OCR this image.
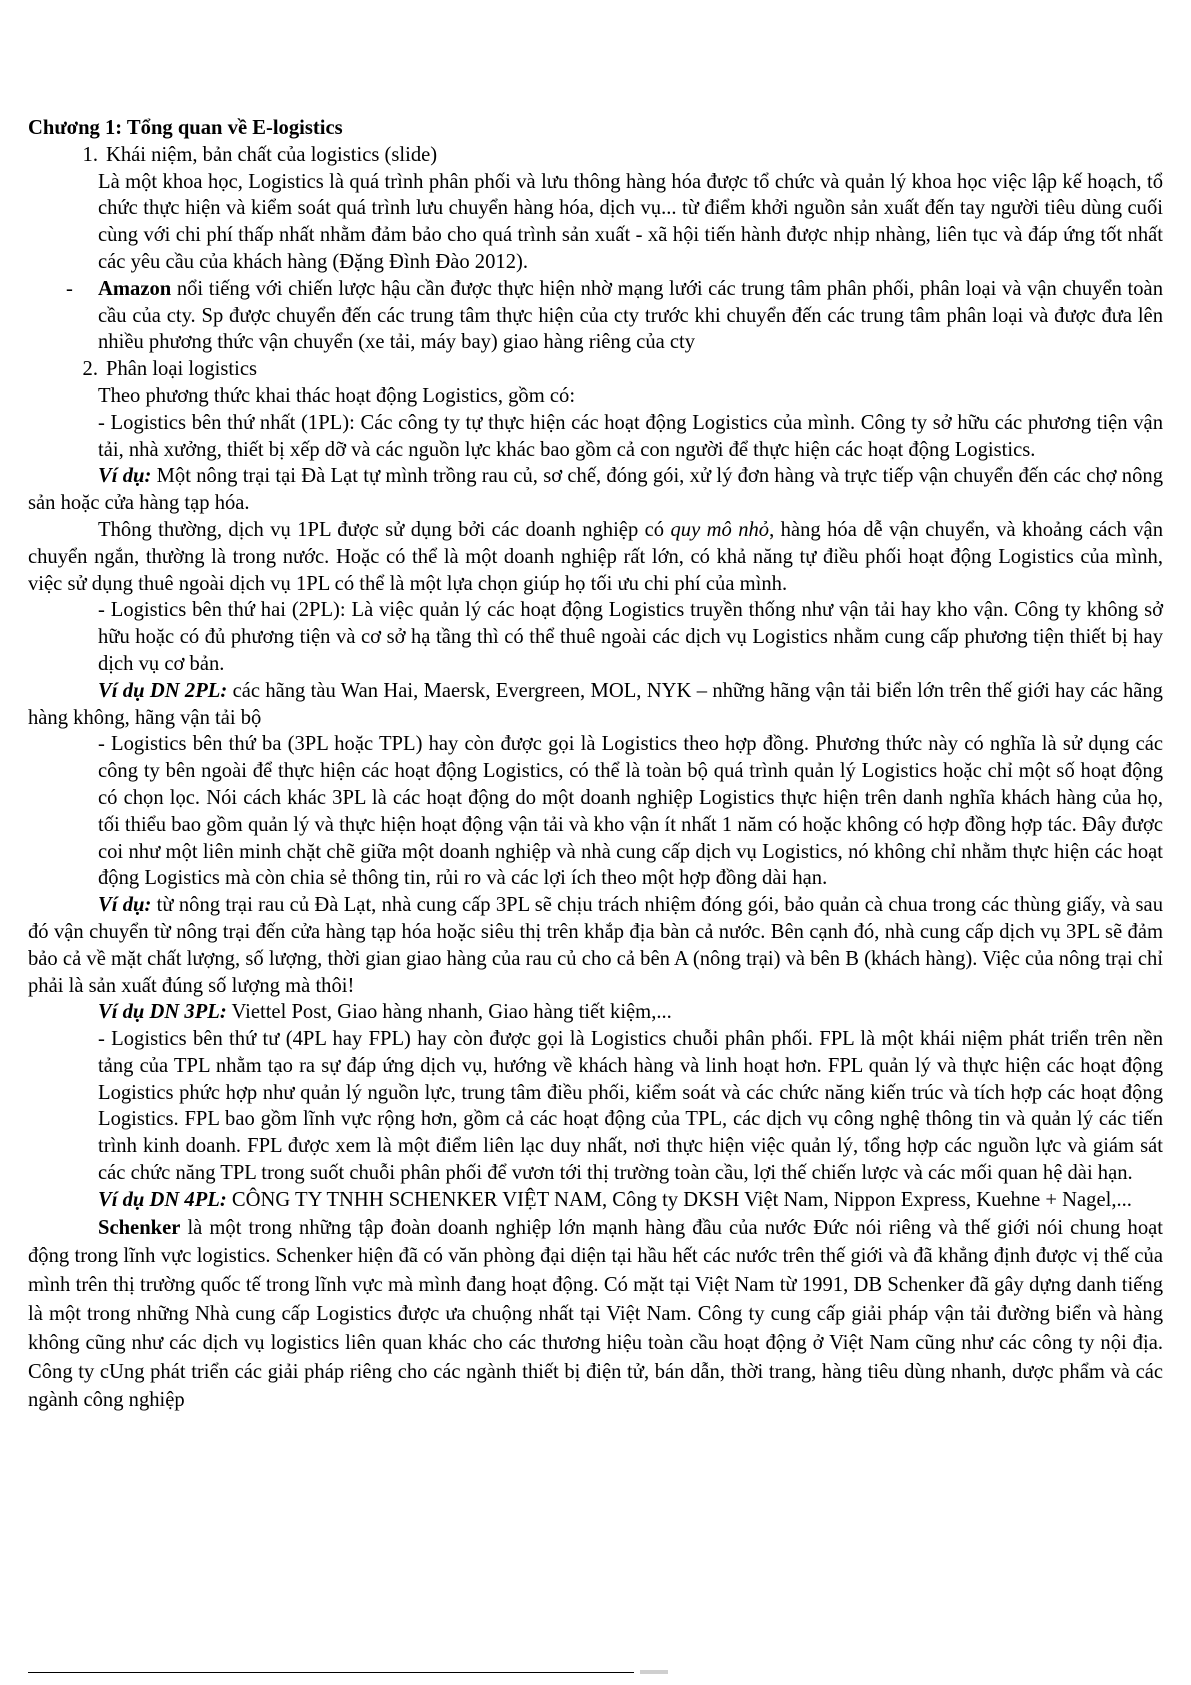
Chương 1: Tổng quan về E-logistics

1. Khái niệm, bản chất của logistics (slide)

Là một khoa học, Logistics là quá trình phân phối và lưu thông hàng hóa được tổ chức và quản lý khoa học việc lập kế hoạch, tổ chức thực hiện và kiểm soát quá trình lưu chuyển hàng hóa, dịch vụ... từ điểm khởi nguồn sản xuất đến tay người tiêu dùng cuối cùng với chi phí thấp nhất nhằm đảm bảo cho quá trình sản xuất - xã hội tiến hành được nhịp nhàng, liên tục và đáp ứng tốt nhất các yêu cầu của khách hàng (Đặng Đình Đào 2012).

-	Amazon nổi tiếng với chiến lược hậu cần được thực hiện nhờ mạng lưới các trung tâm phân phối, phân loại và vận chuyển toàn cầu của cty. Sp được chuyển đến các trung tâm thực hiện của cty trước khi chuyển đến các trung tâm phân loại và được đưa lên nhiều phương thức vận chuyển (xe tải, máy bay) giao hàng riêng của cty
2. Phân loại logistics

Theo phương thức khai thác hoạt động Logistics, gồm có:

- Logistics bên thứ nhất (1PL): Các công ty tự thực hiện các hoạt động Logistics của mình. Công ty sở hữu các phương tiện vận tải, nhà xưởng, thiết bị xếp dỡ và các nguồn lực khác bao gồm cả con người để thực hiện các hoạt động Logistics.

Ví dụ: Một nông trại tại Đà Lạt tự mình trồng rau củ, sơ chế, đóng gói, xử lý đơn hàng và trực tiếp vận chuyển đến các chợ nông sản hoặc cửa hàng tạp hóa.

Thông thường, dịch vụ 1PL được sử dụng bởi các doanh nghiệp có quy mô nhỏ, hàng hóa dễ vận chuyển, và khoảng cách vận chuyển ngắn, thường là trong nước. Hoặc có thể là một doanh nghiệp rất lớn, có khả năng tự điều phối hoạt động Logistics của mình, việc sử dụng thuê ngoài dịch vụ 1PL có thể là một lựa chọn giúp họ tối ưu chi phí của mình.

- Logistics bên thứ hai (2PL): Là việc quản lý các hoạt động Logistics truyền thống như vận tải hay kho vận. Công ty không sở hữu hoặc có đủ phương tiện và cơ sở hạ tầng thì có thể thuê ngoài các dịch vụ Logistics nhằm cung cấp phương tiện thiết bị hay dịch vụ cơ bản.

Ví dụ DN 2PL: các hãng tàu Wan Hai, Maersk, Evergreen, MOL, NYK – những hãng vận tải biển lớn trên thế giới hay các hãng hàng không, hãng vận tải bộ

- Logistics bên thứ ba (3PL hoặc TPL) hay còn được gọi là Logistics theo hợp đồng. Phương thức này có nghĩa là sử dụng các công ty bên ngoài để thực hiện các hoạt động Logistics, có thể là toàn bộ quá trình quản lý Logistics hoặc chỉ một số hoạt động có chọn lọc. Nói cách khác 3PL là các hoạt động do một doanh nghiệp Logistics thực hiện trên danh nghĩa khách hàng của họ, tối thiểu bao gồm quản lý và thực hiện hoạt động vận tải và kho vận ít nhất 1 năm có hoặc không có hợp đồng hợp tác. Đây được coi như một liên minh chặt chẽ giữa một doanh nghiệp và nhà cung cấp dịch vụ Logistics, nó không chỉ nhằm thực hiện các hoạt động Logistics mà còn chia sẻ thông tin, rủi ro và các lợi ích theo một hợp đồng dài hạn.

Ví dụ: từ nông trại rau củ Đà Lạt, nhà cung cấp 3PL sẽ chịu trách nhiệm đóng gói, bảo quản cà chua trong các thùng giấy, và sau đó vận chuyển từ nông trại đến cửa hàng tạp hóa hoặc siêu thị trên khắp địa bàn cả nước. Bên cạnh đó, nhà cung cấp dịch vụ 3PL sẽ đảm bảo cả về mặt chất lượng, số lượng, thời gian giao hàng của rau củ cho cả bên A (nông trại) và bên B (khách hàng). Việc của nông trại chỉ phải là sản xuất đúng số lượng mà thôi!

Ví dụ DN 3PL: Viettel Post, Giao hàng nhanh, Giao hàng tiết kiệm,...

- Logistics bên thứ tư (4PL hay FPL) hay còn được gọi là Logistics chuỗi phân phối. FPL là một khái niệm phát triển trên nền tảng của TPL nhằm tạo ra sự đáp ứng dịch vụ, hướng về khách hàng và linh hoạt hơn. FPL quản lý và thực hiện các hoạt động Logistics phức hợp như quản lý nguồn lực, trung tâm điều phối, kiểm soát và các chức năng kiến trúc và tích hợp các hoạt động Logistics. FPL bao gồm lĩnh vực rộng hơn, gồm cả các hoạt động của TPL, các dịch vụ công nghệ thông tin và quản lý các tiến trình kinh doanh. FPL được xem là một điểm liên lạc duy nhất, nơi thực hiện việc quản lý, tổng hợp các nguồn lực và giám sát các chức năng TPL trong suốt chuỗi phân phối để vươn tới thị trường toàn cầu, lợi thế chiến lược và các mối quan hệ dài hạn.

Ví dụ DN 4PL: CÔNG TY TNHH SCHENKER VIỆT NAM, Công ty DKSH Việt Nam, Nippon Express, Kuehne + Nagel,...

Schenker là một trong những tập đoàn doanh nghiệp lớn mạnh hàng đầu của nước Đức nói riêng và thế giới nói chung hoạt động trong lĩnh vực logistics. Schenker hiện đã có văn phòng đại diện tại hầu hết các nước trên thế giới và đã khẳng định được vị thế của mình trên thị trường quốc tế trong lĩnh vực mà mình đang hoạt động. Có mặt tại Việt Nam từ 1991, DB Schenker đã gây dựng danh tiếng là một trong những Nhà cung cấp Logistics được ưa chuộng nhất tại Việt Nam. Công ty cung cấp giải pháp vận tải đường biển và hàng không cũng như các dịch vụ logistics liên quan khác cho các thương hiệu toàn cầu hoạt động ở Việt Nam cũng như các công ty nội địa. Công ty cUng phát triển các giải pháp riêng cho các ngành thiết bị điện tử, bán dẫn, thời trang, hàng tiêu dùng nhanh, dược phẩm và các ngành công nghiệp
